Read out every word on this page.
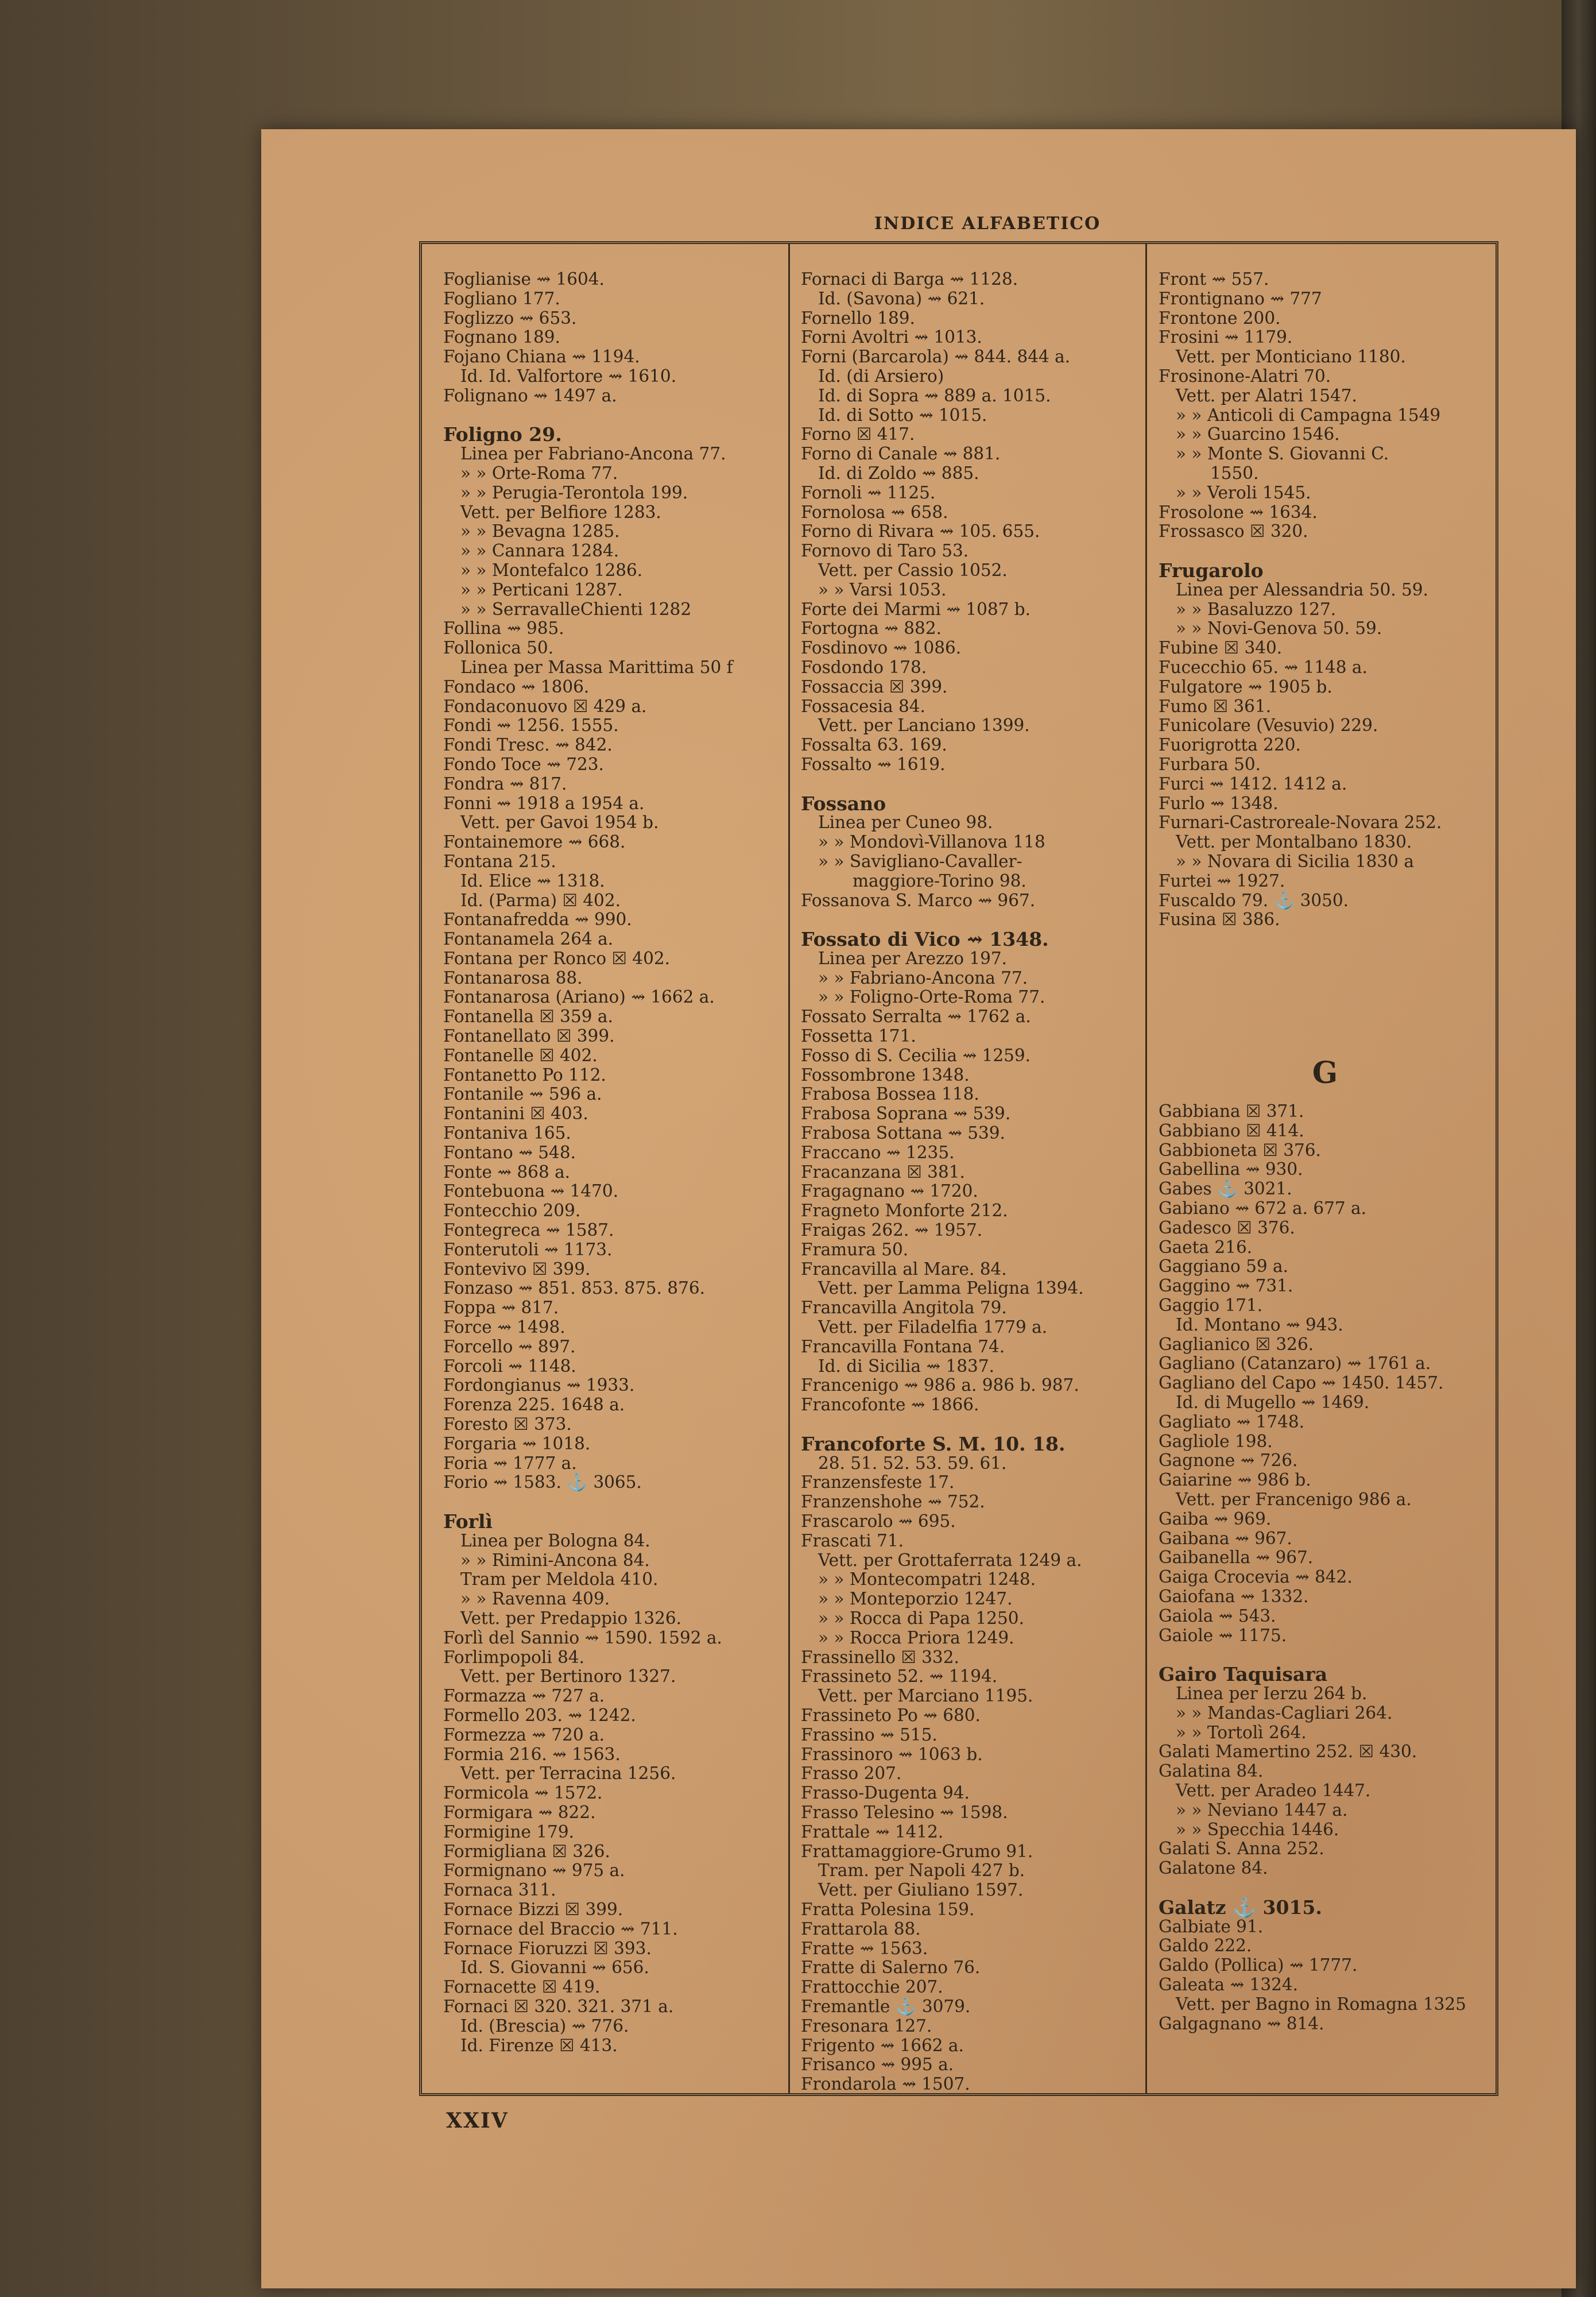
INDICE ALFABETICO
Foglianise ⇝ 1604.
Fogliano 177.
Foglizzo ⇝ 653.
Fognano 189.
Fojano Chiana ⇝ 1194.
Id. Id. Valfortore ⇝ 1610.
Folignano ⇝ 1497 a.
Foligno 29.
Linea per Fabriano-Ancona 77.
» » Orte-Roma 77.
» » Perugia-Terontola 199.
Vett. per Belfiore 1283.
» » Bevagna 1285.
» » Cannara 1284.
» » Montefalco 1286.
» » Perticani 1287.
» » SerravalleChienti 1282
Follina ⇝ 985.
Follonica 50.
Linea per Massa Marittima 50 f
Fondaco ⇝ 1806.
Fondaconuovo ☒ 429 a.
Fondi ⇝ 1256. 1555.
Fondi Tresc. ⇝ 842.
Fondo Toce ⇝ 723.
Fondra ⇝ 817.
Fonni ⇝ 1918 a 1954 a.
Vett. per Gavoi 1954 b.
Fontainemore ⇝ 668.
Fontana 215.
Id. Elice ⇝ 1318.
Id. (Parma) ☒ 402.
Fontanafredda ⇝ 990.
Fontanamela 264 a.
Fontana per Ronco ☒ 402.
Fontanarosa 88.
Fontanarosa (Ariano) ⇝ 1662 a.
Fontanella ☒ 359 a.
Fontanellato ☒ 399.
Fontanelle ☒ 402.
Fontanetto Po 112.
Fontanile ⇝ 596 a.
Fontanini ☒ 403.
Fontaniva 165.
Fontano ⇝ 548.
Fonte ⇝ 868 a.
Fontebuona ⇝ 1470.
Fontecchio 209.
Fontegreca ⇝ 1587.
Fonterutoli ⇝ 1173.
Fontevivo ☒ 399.
Fonzaso ⇝ 851. 853. 875. 876.
Foppa ⇝ 817.
Force ⇝ 1498.
Forcello ⇝ 897.
Forcoli ⇝ 1148.
Fordongianus ⇝ 1933.
Forenza 225. 1648 a.
Foresto ☒ 373.
Forgaria ⇝ 1018.
Foria ⇝ 1777 a.
Forio ⇝ 1583. ⚓ 3065.
Forlì
Linea per Bologna 84.
» » Rimini-Ancona 84.
Tram per Meldola 410.
» » Ravenna 409.
Vett. per Predappio 1326.
Forlì del Sannio ⇝ 1590. 1592 a.
Forlimpopoli 84.
Vett. per Bertinoro 1327.
Formazza ⇝ 727 a.
Formello 203. ⇝ 1242.
Formezza ⇝ 720 a.
Formia 216. ⇝ 1563.
Vett. per Terracina 1256.
Formicola ⇝ 1572.
Formigara ⇝ 822.
Formigine 179.
Formigliana ☒ 326.
Formignano ⇝ 975 a.
Fornaca 311.
Fornace Bizzi ☒ 399.
Fornace del Braccio ⇝ 711.
Fornace Fioruzzi ☒ 393.
Id. S. Giovanni ⇝ 656.
Fornacette ☒ 419.
Fornaci ☒ 320. 321. 371 a.
Id. (Brescia) ⇝ 776.
Id. Firenze ☒ 413.
Fornaci di Barga ⇝ 1128.
Id. (Savona) ⇝ 621.
Fornello 189.
Forni Avoltri ⇝ 1013.
Forni (Barcarola) ⇝ 844. 844 a.
Id. (di Arsiero)
Id. di Sopra ⇝ 889 a. 1015.
Id. di Sotto ⇝ 1015.
Forno ☒ 417.
Forno di Canale ⇝ 881.
Id. di Zoldo ⇝ 885.
Fornoli ⇝ 1125.
Fornolosa ⇝ 658.
Forno di Rivara ⇝ 105. 655.
Fornovo di Taro 53.
Vett. per Cassio 1052.
» » Varsi 1053.
Forte dei Marmi ⇝ 1087 b.
Fortogna ⇝ 882.
Fosdinovo ⇝ 1086.
Fosdondo 178.
Fossaccia ☒ 399.
Fossacesia 84.
Vett. per Lanciano 1399.
Fossalta 63. 169.
Fossalto ⇝ 1619.
Fossano
Linea per Cuneo 98.
» » Mondovì-Villanova 118
» » Savigliano-Cavaller-
maggiore-Torino 98.
Fossanova S. Marco ⇝ 967.
Fossato di Vico ⇝ 1348.
Linea per Arezzo 197.
» » Fabriano-Ancona 77.
» » Foligno-Orte-Roma 77.
Fossato Serralta ⇝ 1762 a.
Fossetta 171.
Fosso di S. Cecilia ⇝ 1259.
Fossombrone 1348.
Frabosa Bossea 118.
Frabosa Soprana ⇝ 539.
Frabosa Sottana ⇝ 539.
Fraccano ⇝ 1235.
Fracanzana ☒ 381.
Fragagnano ⇝ 1720.
Fragneto Monforte 212.
Fraigas 262. ⇝ 1957.
Framura 50.
Francavilla al Mare. 84.
Vett. per Lamma Peligna 1394.
Francavilla Angitola 79.
Vett. per Filadelfia 1779 a.
Francavilla Fontana 74.
Id. di Sicilia ⇝ 1837.
Francenigo ⇝ 986 a. 986 b. 987.
Francofonte ⇝ 1866.
Francoforte S. M. 10. 18.
28. 51. 52. 53. 59. 61.
Franzensfeste 17.
Franzenshohe ⇝ 752.
Frascarolo ⇝ 695.
Frascati 71.
Vett. per Grottaferrata 1249 a.
» » Montecompatri 1248.
» » Monteporzio 1247.
» » Rocca di Papa 1250.
» » Rocca Priora 1249.
Frassinello ☒ 332.
Frassineto 52. ⇝ 1194.
Vett. per Marciano 1195.
Frassineto Po ⇝ 680.
Frassino ⇝ 515.
Frassinoro ⇝ 1063 b.
Frasso 207.
Frasso-Dugenta 94.
Frasso Telesino ⇝ 1598.
Frattale ⇝ 1412.
Frattamaggiore-Grumo 91.
Tram. per Napoli 427 b.
Vett. per Giuliano 1597.
Fratta Polesina 159.
Frattarola 88.
Fratte ⇝ 1563.
Fratte di Salerno 76.
Frattocchie 207.
Fremantle ⚓ 3079.
Fresonara 127.
Frigento ⇝ 1662 a.
Frisanco ⇝ 995 a.
Frondarola ⇝ 1507.
Front ⇝ 557.
Frontignano ⇝ 777
Frontone 200.
Frosini ⇝ 1179.
Vett. per Monticiano 1180.
Frosinone-Alatri 70.
Vett. per Alatri 1547.
» » Anticoli di Campagna 1549
» » Guarcino 1546.
» » Monte S. Giovanni C.
1550.
» » Veroli 1545.
Frosolone ⇝ 1634.
Frossasco ☒ 320.
Frugarolo
Linea per Alessandria 50. 59.
» » Basaluzzo 127.
» » Novi-Genova 50. 59.
Fubine ☒ 340.
Fucecchio 65. ⇝ 1148 a.
Fulgatore ⇝ 1905 b.
Fumo ☒ 361.
Funicolare (Vesuvio) 229.
Fuorigrotta 220.
Furbara 50.
Furci ⇝ 1412. 1412 a.
Furlo ⇝ 1348.
Furnari-Castroreale-Novara 252.
Vett. per Montalbano 1830.
» » Novara di Sicilia 1830 a
Furtei ⇝ 1927.
Fuscaldo 79. ⚓ 3050.
Fusina ☒ 386.
G
Gabbiana ☒ 371.
Gabbiano ☒ 414.
Gabbioneta ☒ 376.
Gabellina ⇝ 930.
Gabes ⚓ 3021.
Gabiano ⇝ 672 a. 677 a.
Gadesco ☒ 376.
Gaeta 216.
Gaggiano 59 a.
Gaggino ⇝ 731.
Gaggio 171.
Id. Montano ⇝ 943.
Gaglianico ☒ 326.
Gagliano (Catanzaro) ⇝ 1761 a.
Gagliano del Capo ⇝ 1450. 1457.
Id. di Mugello ⇝ 1469.
Gagliato ⇝ 1748.
Gagliole 198.
Gagnone ⇝ 726.
Gaiarine ⇝ 986 b.
Vett. per Francenigo 986 a.
Gaiba ⇝ 969.
Gaibana ⇝ 967.
Gaibanella ⇝ 967.
Gaiga Crocevia ⇝ 842.
Gaiofana ⇝ 1332.
Gaiola ⇝ 543.
Gaiole ⇝ 1175.
Gairo Taquisara
Linea per Ierzu 264 b.
» » Mandas-Cagliari 264.
» » Tortolì 264.
Galati Mamertino 252. ☒ 430.
Galatina 84.
Vett. per Aradeo 1447.
» » Neviano 1447 a.
» » Specchia 1446.
Galati S. Anna 252.
Galatone 84.
Galatz ⚓ 3015.
Galbiate 91.
Galdo 222.
Galdo (Pollica) ⇝ 1777.
Galeata ⇝ 1324.
Vett. per Bagno in Romagna 1325
Galgagnano ⇝ 814.
XXIV
